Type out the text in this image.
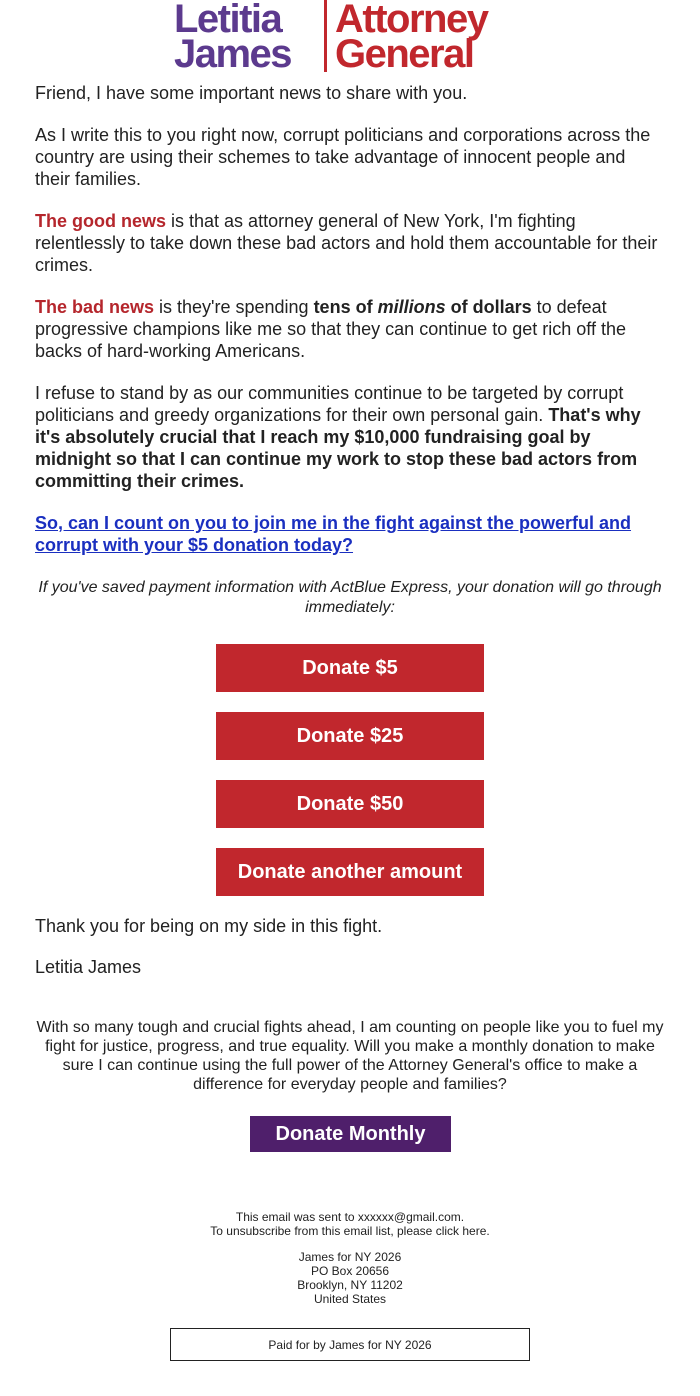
Letitia
James
Attorney
General

Friend, I have some important news to share with you.

As I write this to you right now, corrupt politicians and corporations across the country are using their schemes to take advantage of innocent people and their families.

The good news is that as attorney general of New York, I'm fighting relentlessly to take down these bad actors and hold them accountable for their crimes.

The bad news is they're spending tens of millions of dollars to defeat progressive champions like me so that they can continue to get rich off the backs of hard-working Americans.

I refuse to stand by as our communities continue to be targeted by corrupt politicians and greedy organizations for their own personal gain. That's why it's absolutely crucial that I reach my $10,000 fundraising goal by midnight so that I can continue my work to stop these bad actors from committing their crimes.

So, can I count on you to join me in the fight against the powerful and corrupt with your $5 donation today?

If you've saved payment information with ActBlue Express, your donation will go through immediately:
Donate $5
Donate $25
Donate $50
Donate another amount
Thank you for being on my side in this fight.
Letitia James
With so many tough and crucial fights ahead, I am counting on people like you to fuel my fight for justice, progress, and true equality. Will you make a monthly donation to make sure I can continue using the full power of the Attorney General's office to make a difference for everyday people and families?
Donate Monthly
This email was sent to xxxxxx@gmail.com.
To unsubscribe from this email list, please click here.
James for NY 2026
PO Box 20656
Brooklyn, NY 11202
United States
Paid for by James for NY 2026
